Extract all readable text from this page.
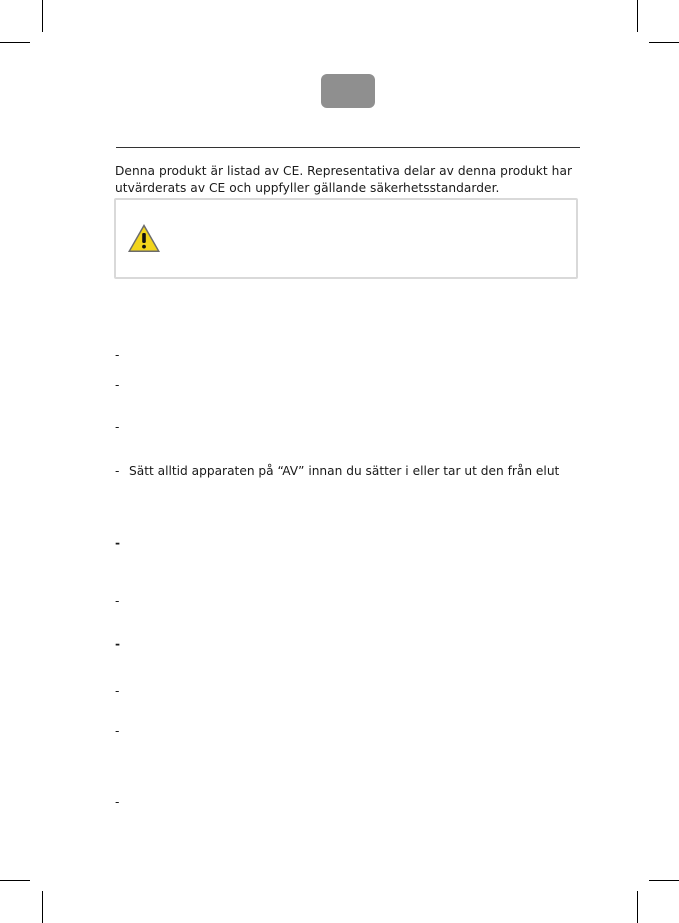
Denna produkt är listad av CE. Representativa delar av denna produkt har

utvärderats av CE och uppfyller gällande säkerhetsstandarder.

-
-
-
- Sätt alltid apparaten på “AV” innan du sätter i eller tar ut den från elut
-
-
-
-
-
-
